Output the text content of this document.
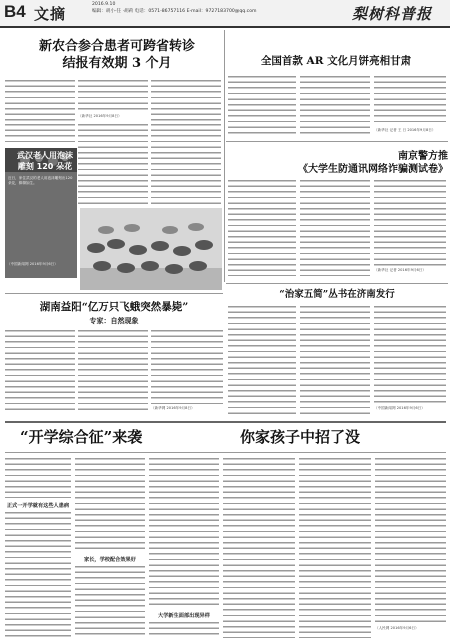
B4 文摘
2016.9.10
编辑：胡小·任 ·胡莉 电话：0571-86757116 E-mail：9727183700@qq.com	梨树科普报
新农合参合患者可跨省转诊
结报有效期 3 个月
（新华社 2016年9月8日）
武汉老人用泡沫
雕刻 120 朵花
近日，家住武汉的老人用泡沫雕刻出120朵花，栩栩如生。
（中国新闻网 2016年9月6日）
全国首款 AR 文化月饼亮相甘肃
（新华社 记者 王 日 2016年9月8日）
南京警方推
《大学生防通讯网络诈骗测试卷》
（新华社 记者 2016年9月6日）
湖南益阳“亿万只飞蛾突然暴毙”
专家：自然现象
（新华网 2016年9月8日）
“治家五简”丛书在济南发行
（中国新闻网 2016年9月6日）
“开学综合征”来袭	你家孩子中招了没
正式一开学就有这些人患病
家长，学校配合效果好
大学新生面部出现异样
（人民网 2016年9月6日）
